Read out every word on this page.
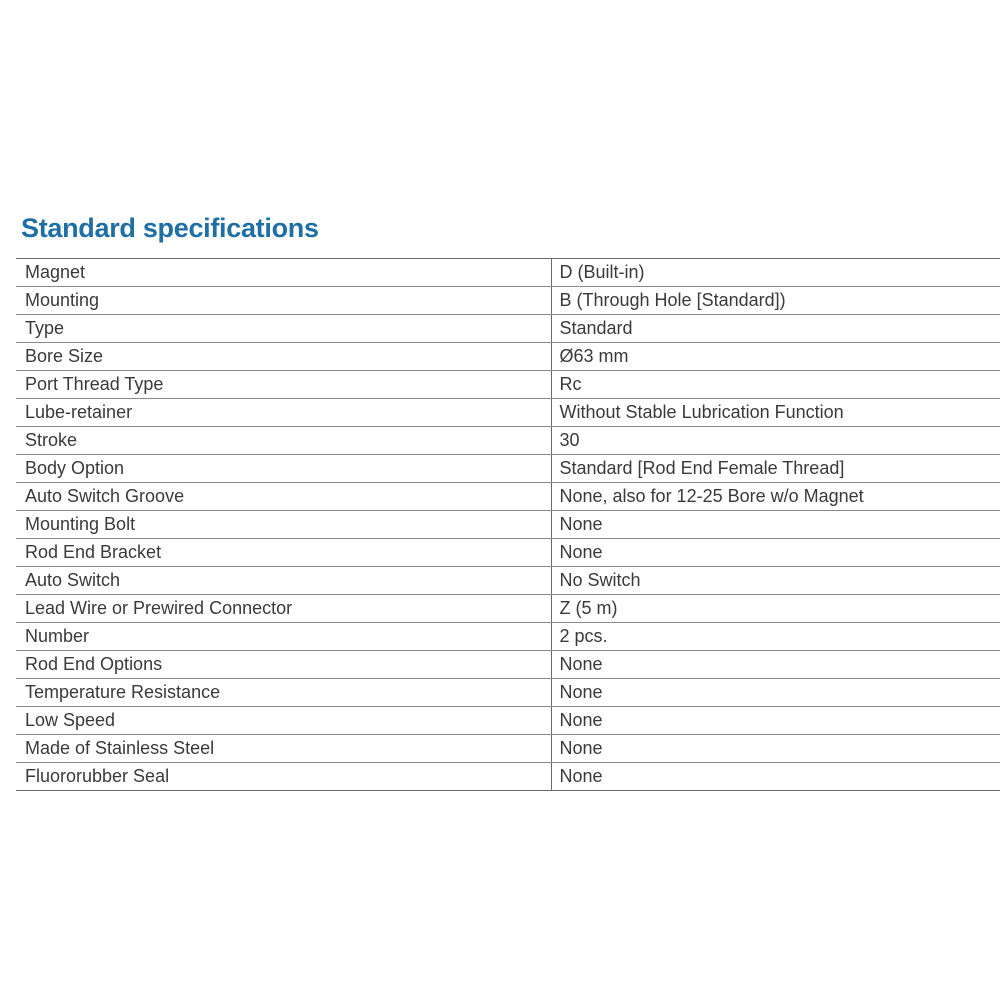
Standard specifications
Magnet	D (Built-in)
Mounting	B (Through Hole [Standard])
Type	Standard
Bore Size	Ø63 mm
Port Thread Type	Rc
Lube-retainer	Without Stable Lubrication Function
Stroke	30
Body Option	Standard [Rod End Female Thread]
Auto Switch Groove	None, also for 12-25 Bore w/o Magnet
Mounting Bolt	None
Rod End Bracket	None
Auto Switch	No Switch
Lead Wire or Prewired Connector	Z (5 m)
Number	2 pcs.
Rod End Options	None
Temperature Resistance	None
Low Speed	None
Made of Stainless Steel	None
Fluororubber Seal	None
